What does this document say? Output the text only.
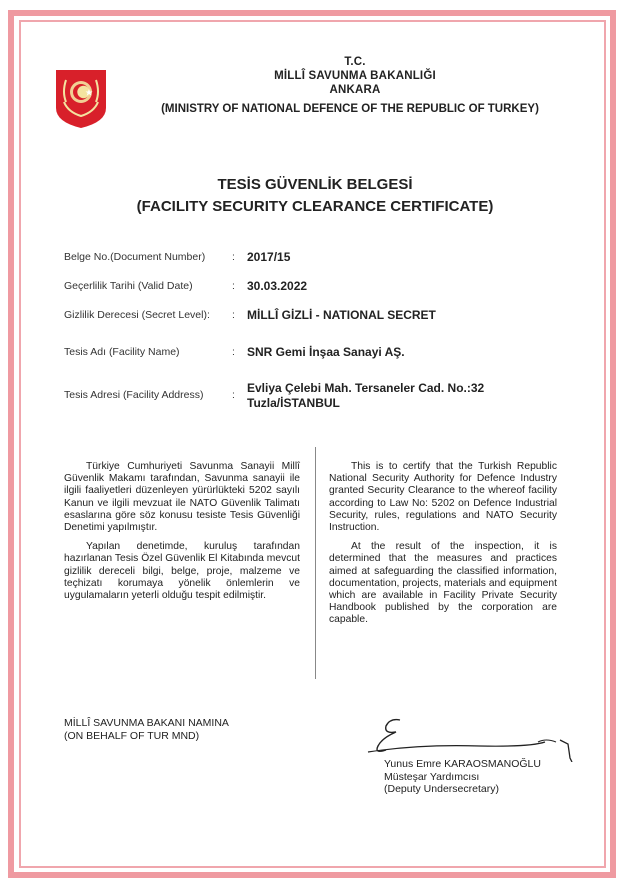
T.C.
MİLLÎ SAVUNMA BAKANLIĞI
ANKARA
(MINISTRY OF NATIONAL DEFENCE OF THE REPUBLIC OF TURKEY)
TESİS GÜVENLİK BELGESİ
(FACILITY SECURITY CLEARANCE CERTIFICATE)
Belge No.(Document Number)	: 2017/15
Geçerlilik Tarihi (Valid Date)	: 30.03.2022
Gizlilik Derecesi (Secret Level): : MİLLÎ GİZLİ - NATIONAL SECRET
Tesis Adı (Facility Name)	: SNR Gemi İnşaa Sanayi AŞ.
Tesis Adresi (Facility Address)	: Evliya Çelebi Mah. Tersaneler Cad. No.:32
Tuzla/İSTANBUL

Türkiye Cumhuriyeti Savunma Sanayii Millî Güvenlik Makamı tarafından, Savunma sanayii ile ilgili faaliyetleri düzenleyen yürürlükteki 5202 sayılı Kanun ve ilgili mevzuat ile NATO Güvenlik Talimatı esaslarına göre söz konusu tesiste Tesis Güvenliği Denetimi yapılmıştır.

Yapılan denetimde, kuruluş tarafından hazırlanan Tesis Özel Güvenlik El Kitabında mevcut gizlilik dereceli bilgi, belge, proje, malzeme ve teçhizatı korumaya yönelik önlemlerin ve uygulamaların yeterli olduğu tespit edilmiştir.

This is to certify that the Turkish Republic National Security Authority for Defence Industry granted Security Clearance to the whereof facility according to Law No: 5202 on Defence Industrial Security, rules, regulations and NATO Security Instruction.

At the result of the inspection, it is determined that the measures and practices aimed at safeguarding the classified information, documentation, projects, materials and equipment which are available in Facility Private Security Handbook published by the corporation are capable.

MİLLÎ SAVUNMA BAKANI NAMINA
(ON BEHALF OF TUR MND)
Yunus Emre KARAOSMANOĞLU
Müsteşar Yardımcısı
(Deputy Undersecretary)
